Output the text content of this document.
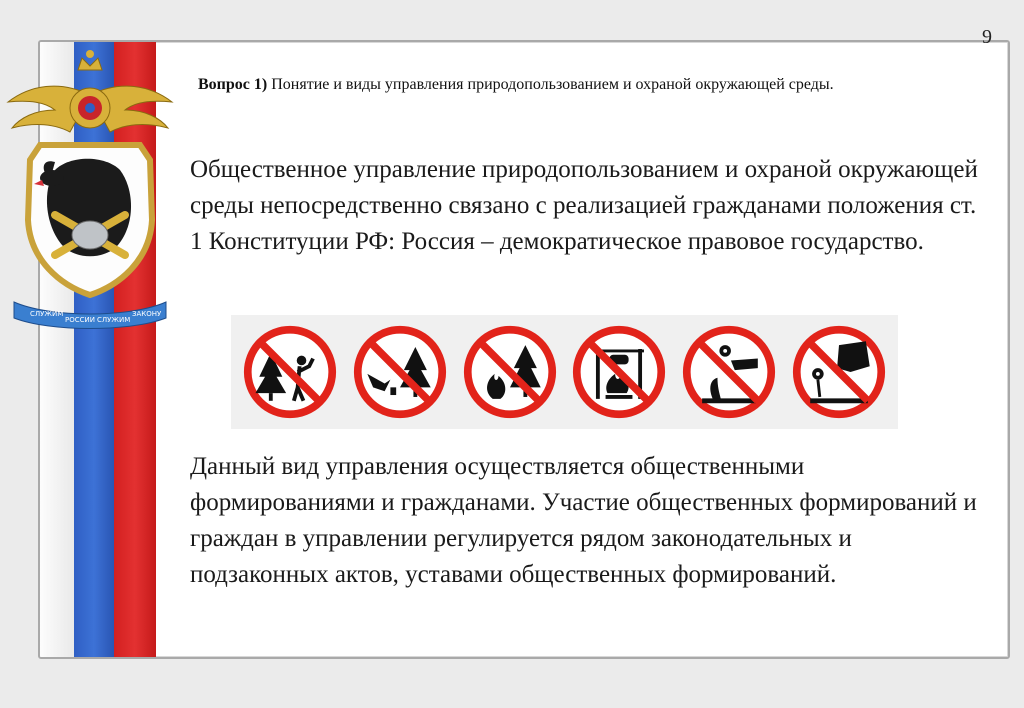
СЛУЖИМ
РОССИИ СЛУЖИМ
ЗАКОНУ
9
Вопрос 1) Понятие и виды управления природопользованием и охраной окружающей среды.
Общественное управление природопользованием и охраной окружающей среды непосредственно связано с реализацией гражданами положения ст. 1 Конституции РФ: Россия – демократическое правовое государство.
Данный вид управления осуществляется общественными формированиями и гражданами. Участие общественных формирований и граждан в управлении регулируется рядом законодательных и подзаконных актов, уставами общественных формирований.
